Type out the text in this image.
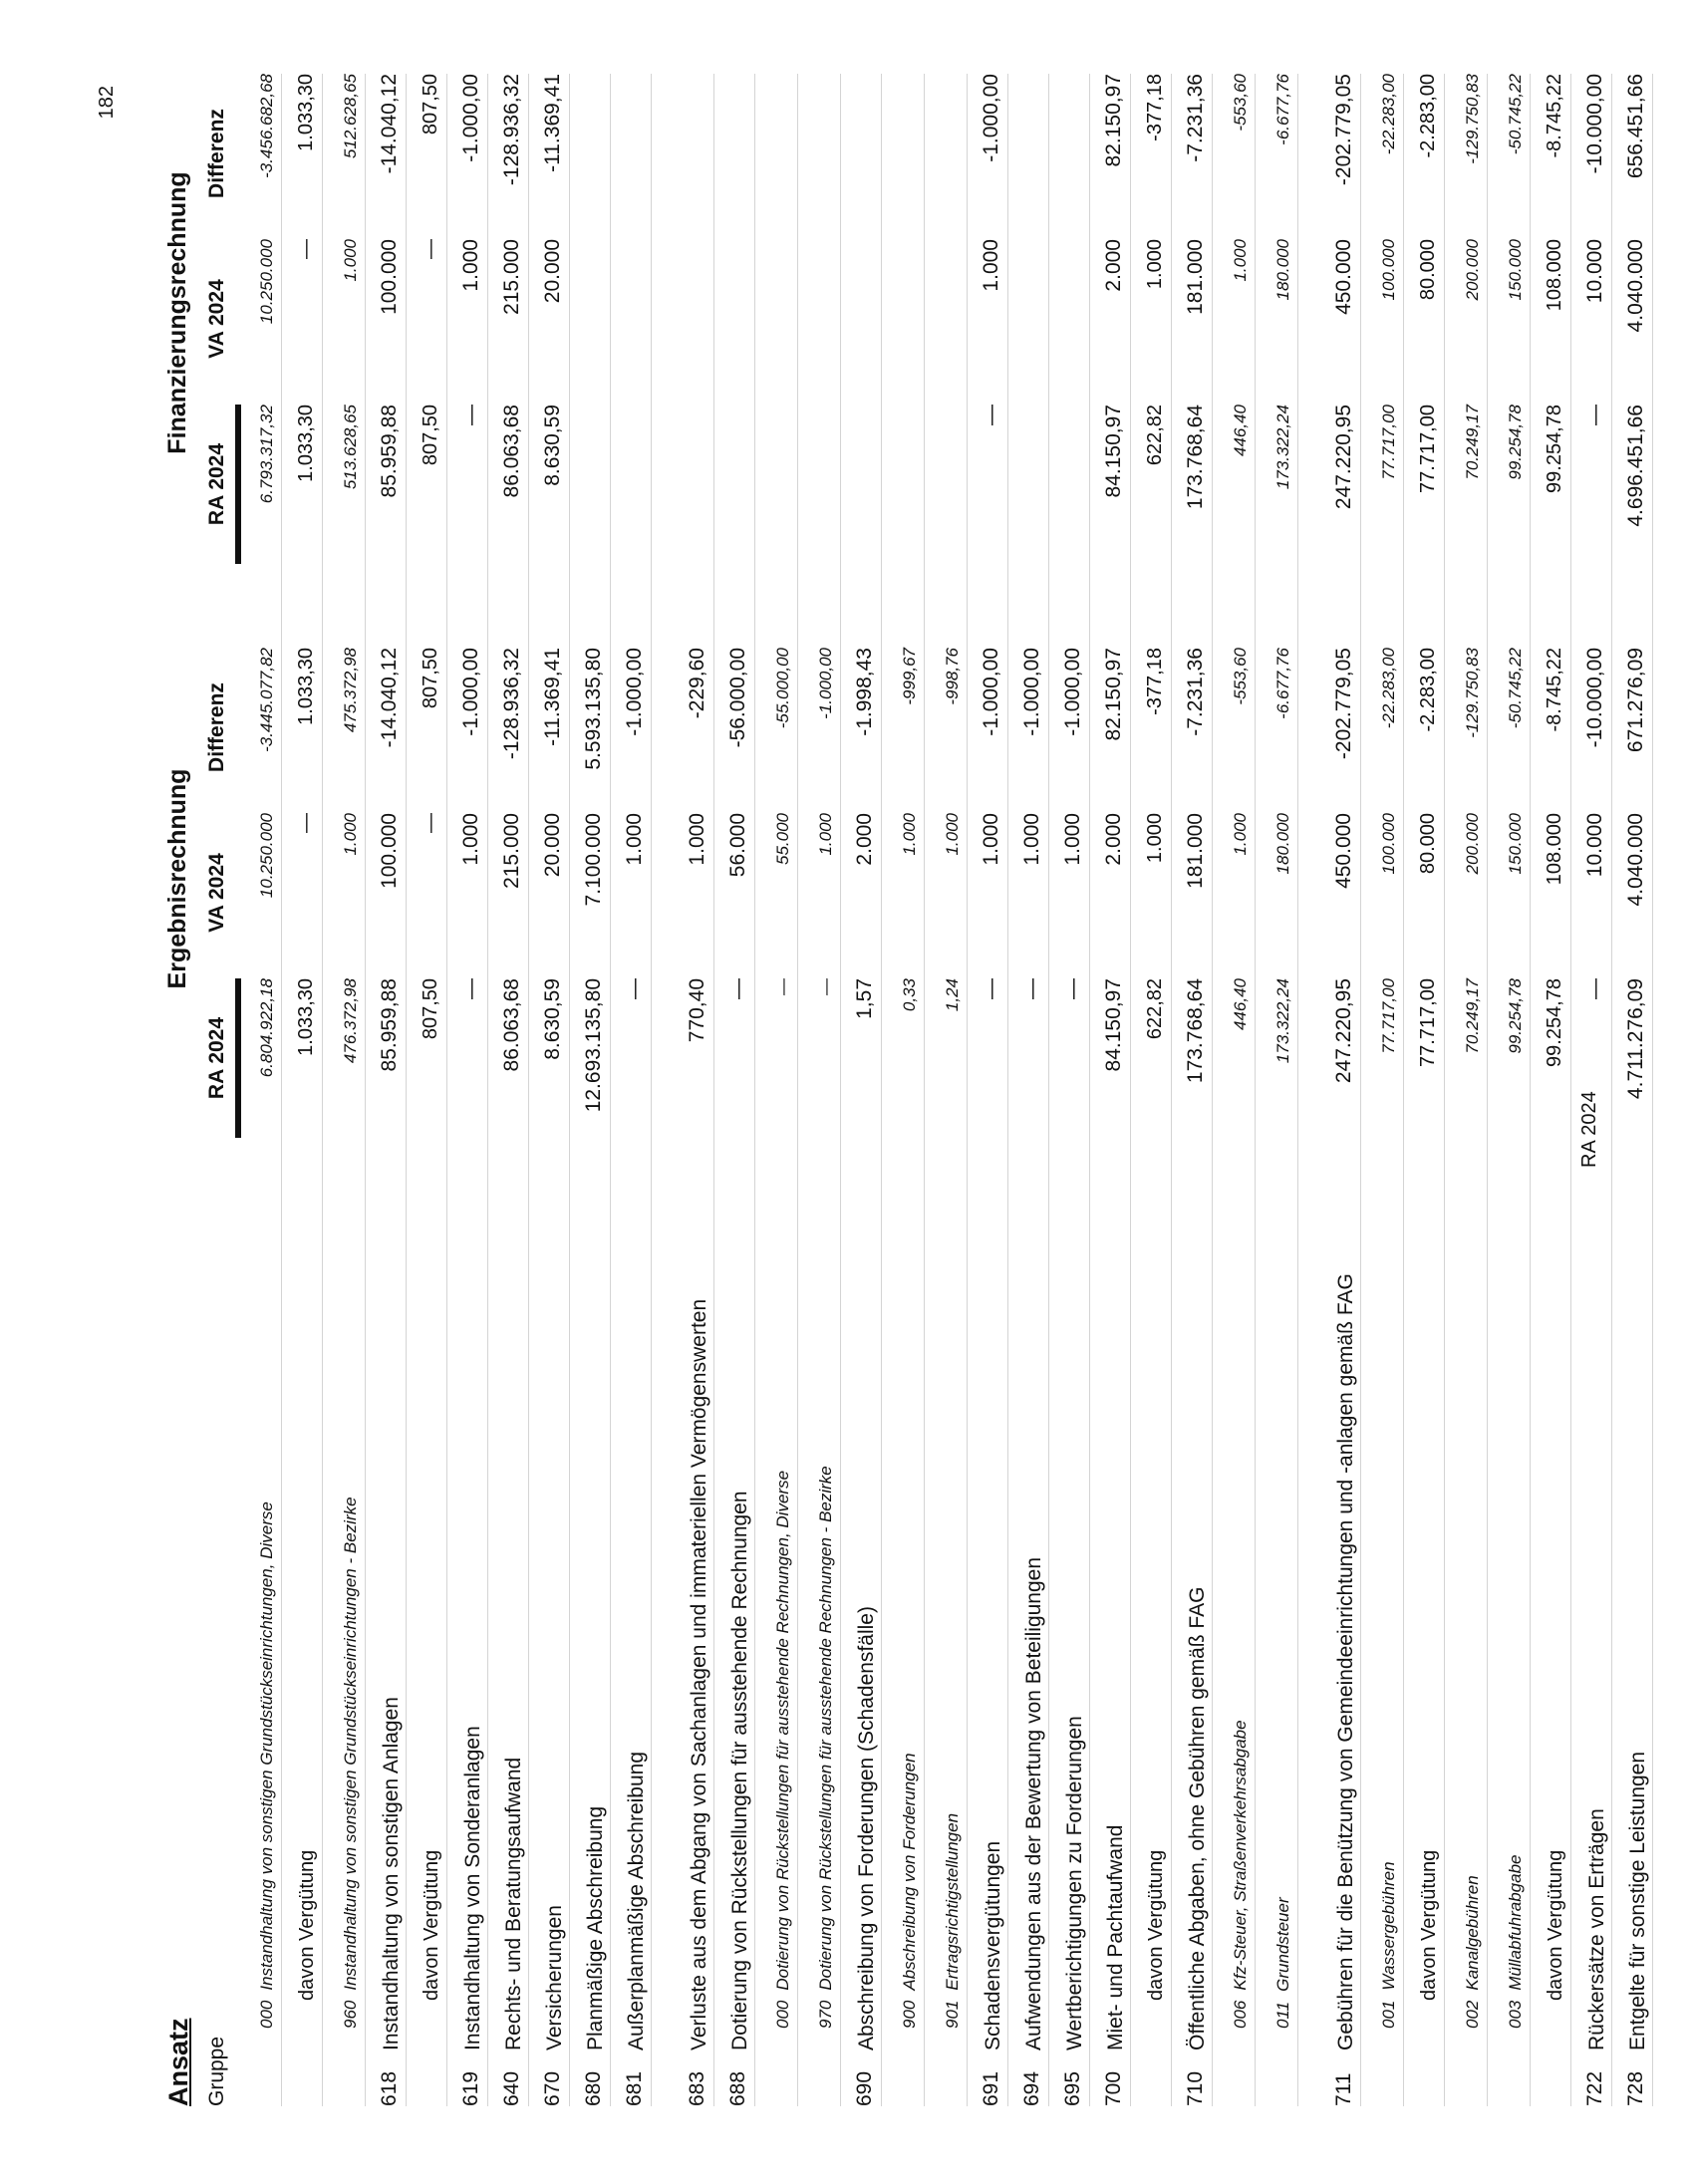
182
RA 2024
Ansatz Gruppe
Ergebnisrechnung
Finanzierungsrechnung
RA 2024
VA 2024
Differenz
RA 2024
VA 2024
Differenz
000
Instandhaltung von sonstigen Grundstückseinrichtungen, Diverse
6.804.922,18
10.250.000
-3.445.077,82
6.793.317,32
10.250.000
-3.456.682,68
davon Vergütung
1.033,30
—
1.033,30
1.033,30
—
1.033,30
960
Instandhaltung von sonstigen Grundstückseinrichtungen - Bezirke
476.372,98
1.000
475.372,98
513.628,65
1.000
512.628,65
618
Instandhaltung von sonstigen Anlagen
85.959,88
100.000
-14.040,12
85.959,88
100.000
-14.040,12
davon Vergütung
807,50
—
807,50
807,50
—
807,50
619
Instandhaltung von Sonderanlagen
—
1.000
-1.000,00
—
1.000
-1.000,00
640
Rechts- und Beratungsaufwand
86.063,68
215.000
-128.936,32
86.063,68
215.000
-128.936,32
670
Versicherungen
8.630,59
20.000
-11.369,41
8.630,59
20.000
-11.369,41
680
Planmäßige Abschreibung
12.693.135,80
7.100.000
5.593.135,80
681
Außerplanmäßige Abschreibung
—
1.000
-1.000,00
683
Verluste aus dem Abgang von Sachanlagen und immateriellen Vermögenswerten
770,40
1.000
-229,60
688
Dotierung von Rückstellungen für ausstehende Rechnungen
—
56.000
-56.000,00
000
Dotierung von Rückstellungen für ausstehende Rechnungen, Diverse
—
55.000
-55.000,00
970
Dotierung von Rückstellungen für ausstehende Rechnungen - Bezirke
—
1.000
-1.000,00
690
Abschreibung von Forderungen (Schadensfälle)
1,57
2.000
-1.998,43
900
Abschreibung von Forderungen
0,33
1.000
-999,67
901
Ertragsrichtigstellungen
1,24
1.000
-998,76
691
Schadensvergütungen
—
1.000
-1.000,00
—
1.000
-1.000,00
694
Aufwendungen aus der Bewertung von Beteiligungen
—
1.000
-1.000,00
695
Wertberichtigungen zu Forderungen
—
1.000
-1.000,00
700
Miet- und Pachtaufwand
84.150,97
2.000
82.150,97
84.150,97
2.000
82.150,97
davon Vergütung
622,82
1.000
-377,18
622,82
1.000
-377,18
710
Öffentliche Abgaben, ohne Gebühren gemäß FAG
173.768,64
181.000
-7.231,36
173.768,64
181.000
-7.231,36
006
Kfz-Steuer, Straßenverkehrsabgabe
446,40
1.000
-553,60
446,40
1.000
-553,60
011
Grundsteuer
173.322,24
180.000
-6.677,76
173.322,24
180.000
-6.677,76
711
Gebühren für die Benützung von Gemeindeeinrichtungen und -anlagen gemäß FAG
247.220,95
450.000
-202.779,05
247.220,95
450.000
-202.779,05
001
Wassergebühren
77.717,00
100.000
-22.283,00
77.717,00
100.000
-22.283,00
davon Vergütung
77.717,00
80.000
-2.283,00
77.717,00
80.000
-2.283,00
002
Kanalgebühren
70.249,17
200.000
-129.750,83
70.249,17
200.000
-129.750,83
003
Müllabfuhrabgabe
99.254,78
150.000
-50.745,22
99.254,78
150.000
-50.745,22
davon Vergütung
99.254,78
108.000
-8.745,22
99.254,78
108.000
-8.745,22
722
Rückersätze von Erträgen
—
10.000
-10.000,00
—
10.000
-10.000,00
728
Entgelte für sonstige Leistungen
4.711.276,09
4.040.000
671.276,09
4.696.451,66
4.040.000
656.451,66
